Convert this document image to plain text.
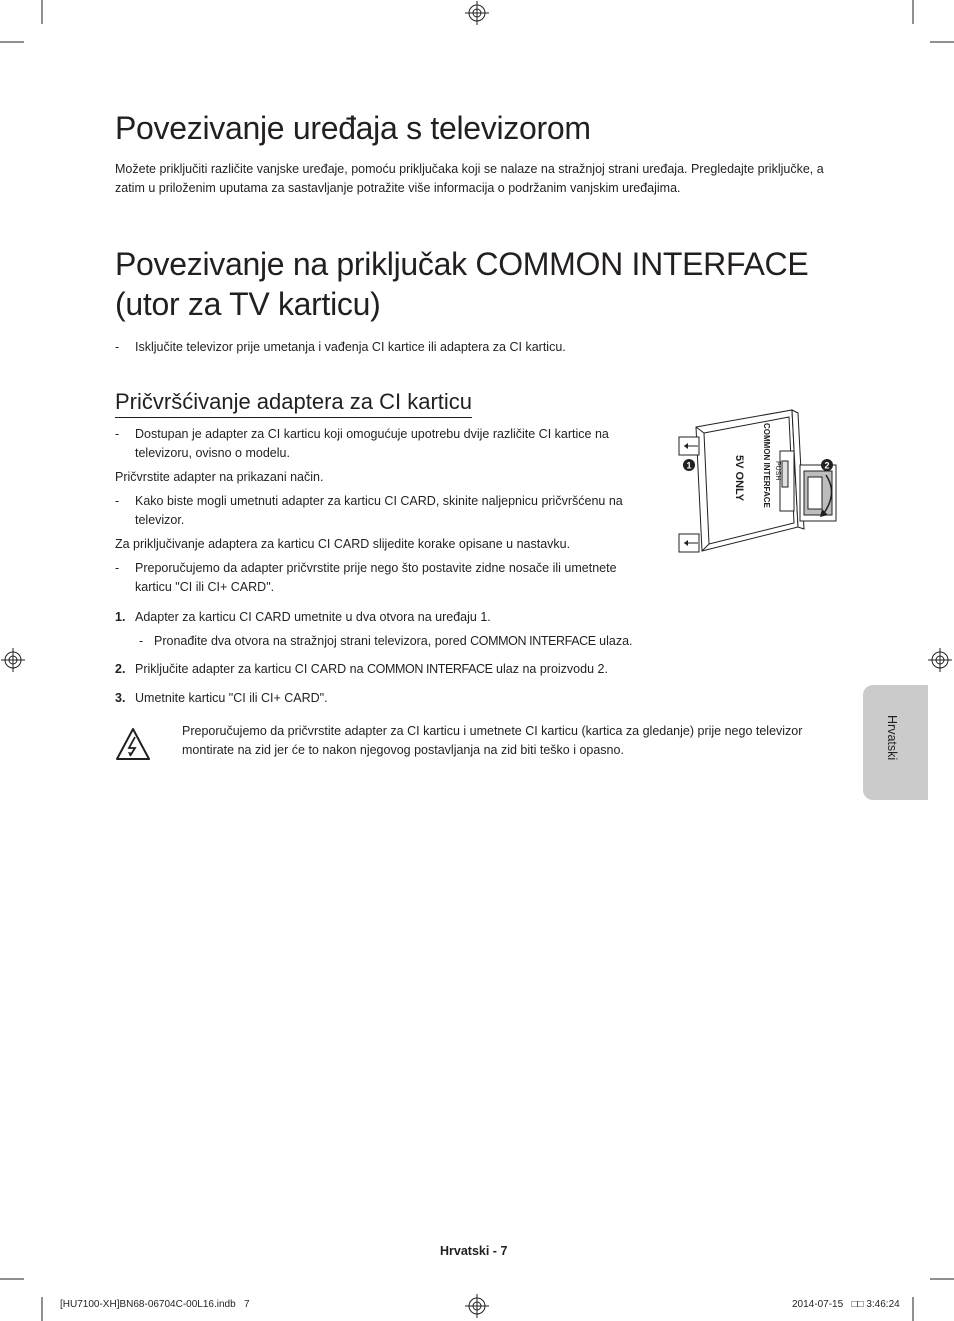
Povezivanje uređaja s televizorom
Možete priključiti različite vanjske uređaje, pomoću priključaka koji se nalaze na stražnjoj strani uređaja. Pregledajte priključke, a zatim u priloženim uputama za sastavljanje potražite više informacija o podržanim vanjskim uređajima.
Povezivanje na priključak COMMON INTERFACE
(utor za TV karticu)
- Isključite televizor prije umetanja i vađenja CI kartice ili adaptera za CI karticu.
Pričvršćivanje adaptera za CI karticu
- Dostupan je adapter za CI karticu koji omogućuje upotrebu dvije različite CI kartice na televizoru, ovisno o modelu.
Pričvrstite adapter na prikazani način.
- Kako biste mogli umetnuti adapter za karticu CI CARD, skinite naljepnicu pričvršćenu na televizor.
Za priključivanje adaptera za karticu CI CARD slijedite korake opisane u nastavku.
- Preporučujemo da adapter pričvrstite prije nego što postavite zidne nosače ili umetnete karticu "CI ili CI+ CARD".
1. Adapter za karticu CI CARD umetnite u dva otvora na uređaju 1.
- Pronađite dva otvora na stražnjoj strani televizora, pored COMMON INTERFACE ulaza.
2. Priključite adapter za karticu CI CARD na COMMON INTERFACE ulaz na proizvodu 2.
3. Umetnite karticu "CI ili CI+ CARD".
Preporučujemo da pričvrstite adapter za CI karticu i umetnete CI karticu (kartica za gledanje) prije nego televizor montirate na zid jer će to nakon njegovog postavljanja na zid biti teško i opasno.
COMMON INTERFACE PUSH
5V ONLY
1	2
Hrvatski
Hrvatski - 7
[HU7100-XH]BN68-06704C-00L16.indb   7	2014-07-15   □□ 3:46:24
